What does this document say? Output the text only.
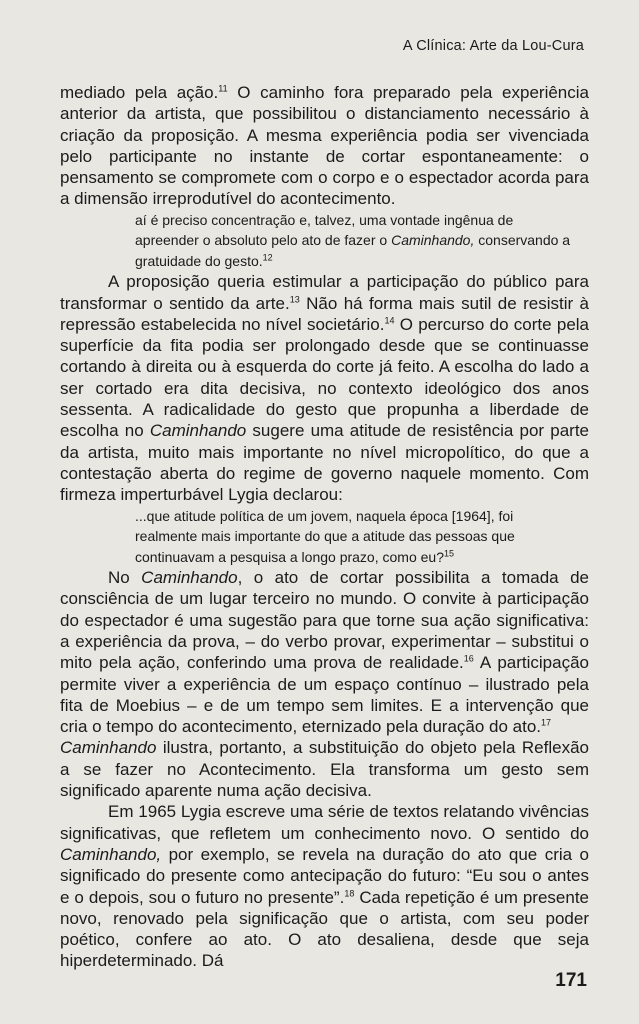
A Clínica: Arte da Lou-Cura

mediado pela ação.$^{11}$ O caminho fora preparado pela experiência anterior da artista, que possibilitou o distanciamento necessário à criação da proposição. A mesma experiência podia ser vivenciada pelo participante no instante de cortar espontaneamente: o pensamento se compromete com o corpo e o espectador acorda para a dimensão irreprodutível do acontecimento.

aí é preciso concentração e, talvez, uma vontade ingênua de apreender o absoluto pelo ato de fazer o Caminhando, conservando a gratuidade do gesto.$^{12}$

A proposição queria estimular a participação do público para transformar o sentido da arte.$^{13}$ Não há forma mais sutil de resistir à repressão estabelecida no nível societário.$^{14}$ O percurso do corte pela superfície da fita podia ser prolongado desde que se continuasse cortando à direita ou à esquerda do corte já feito. A escolha do lado a ser cortado era dita decisiva, no contexto ideológico dos anos sessenta. A radicalidade do gesto que propunha a liberdade de escolha no Caminhando sugere uma atitude de resistência por parte da artista, muito mais importante no nível micropolítico, do que a contestação aberta do regime de governo naquele momento. Com firmeza imperturbável Lygia declarou:

...que atitude política de um jovem, naquela época [1964], foi realmente mais importante do que a atitude das pessoas que continuavam a pesquisa a longo prazo, como eu?$^{15}$

No Caminhando, o ato de cortar possibilita a tomada de consciência de um lugar terceiro no mundo. O convite à participação do espectador é uma sugestão para que torne sua ação significativa: a experiência da prova, – do verbo provar, experimentar – substitui o mito pela ação, conferindo uma prova de realidade.$^{16}$ A participação permite viver a experiência de um espaço contínuo – ilustrado pela fita de Moebius – e de um tempo sem limites. E a intervenção que cria o tempo do acontecimento, eternizado pela duração do ato.$^{17}$
Caminhando ilustra, portanto, a substituição do objeto pela Reflexão a se fazer no Acontecimento. Ela transforma um gesto sem significado aparente numa ação decisiva.

Em 1965 Lygia escreve uma série de textos relatando vivências significativas, que refletem um conhecimento novo. O sentido do Caminhando, por exemplo, se revela na duração do ato que cria o significado do presente como antecipação do futuro: “Eu sou o antes e o depois, sou o futuro no presente”.$^{18}$ Cada repetição é um presente novo, renovado pela significação que o artista, com seu poder poético, confere ao ato. O ato desaliena, desde que seja hiperdeterminado. Dá

171
